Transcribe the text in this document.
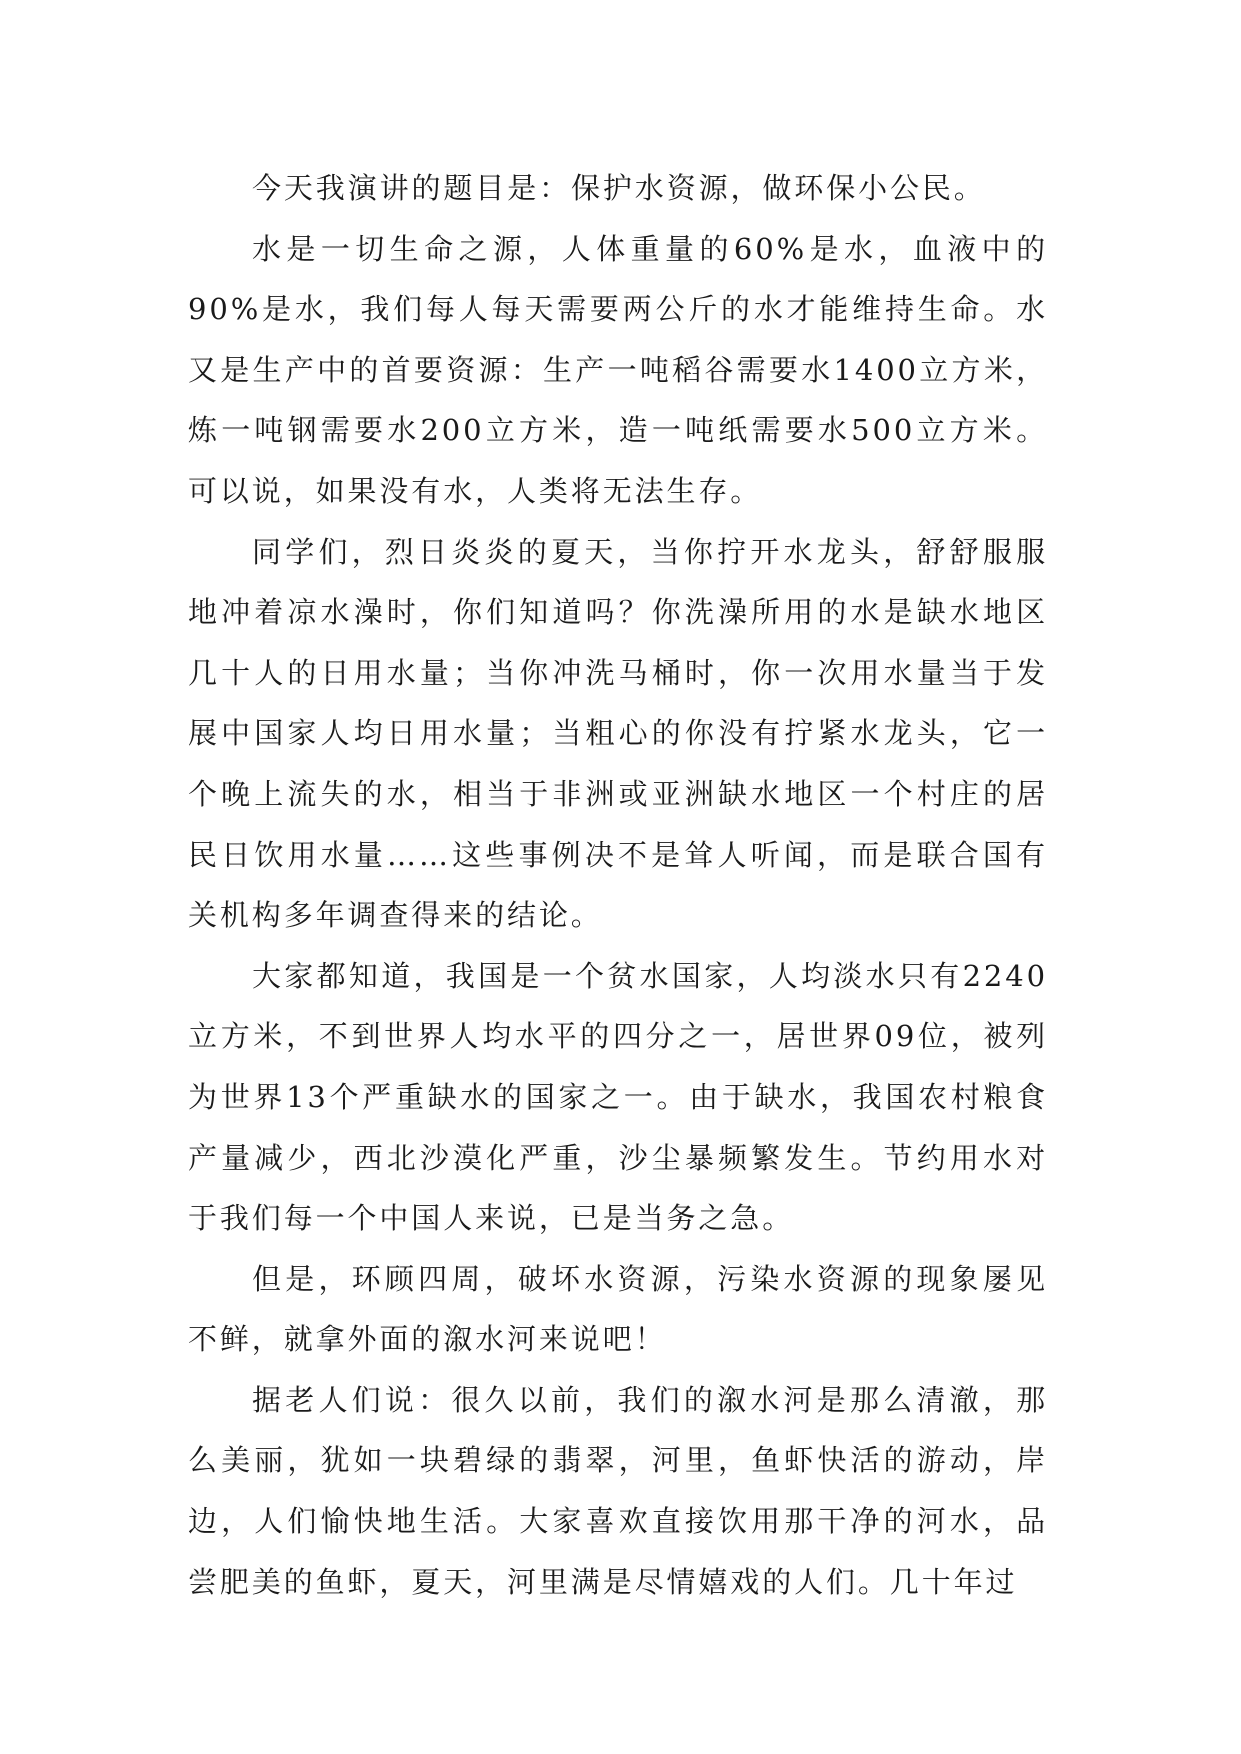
今天我演讲的题目是：保护水资源，做环保小公民。

水是一切生命之源，人体重量的60%是水，血液中的90%是水，我们每人每天需要两公斤的水才能维持生命。水又是生产中的首要资源：生产一吨稻谷需要水1400立方米，炼一吨钢需要水200立方米，造一吨纸需要水500立方米。可以说，如果没有水，人类将无法生存。

同学们，烈日炎炎的夏天，当你拧开水龙头，舒舒服服地冲着凉水澡时，你们知道吗？你洗澡所用的水是缺水地区几十人的日用水量；当你冲洗马桶时，你一次用水量当于发展中国家人均日用水量；当粗心的你没有拧紧水龙头，它一个晚上流失的水，相当于非洲或亚洲缺水地区一个村庄的居民日饮用水量……这些事例决不是耸人听闻，而是联合国有关机构多年调查得来的结论。

大家都知道，我国是一个贫水国家，人均淡水只有2240立方米，不到世界人均水平的四分之一，居世界09位，被列为世界13个严重缺水的国家之一。由于缺水，我国农村粮食产量减少，西北沙漠化严重，沙尘暴频繁发生。节约用水对于我们每一个中国人来说，已是当务之急。

但是，环顾四周，破坏水资源，污染水资源的现象屡见不鲜，就拿外面的溆水河来说吧！

据老人们说：很久以前，我们的溆水河是那么清澈，那么美丽，犹如一块碧绿的翡翠，河里，鱼虾快活的游动，岸边，人们愉快地生活。大家喜欢直接饮用那干净的河水，品尝肥美的鱼虾，夏天，河里满是尽情嬉戏的人们。几十年过
